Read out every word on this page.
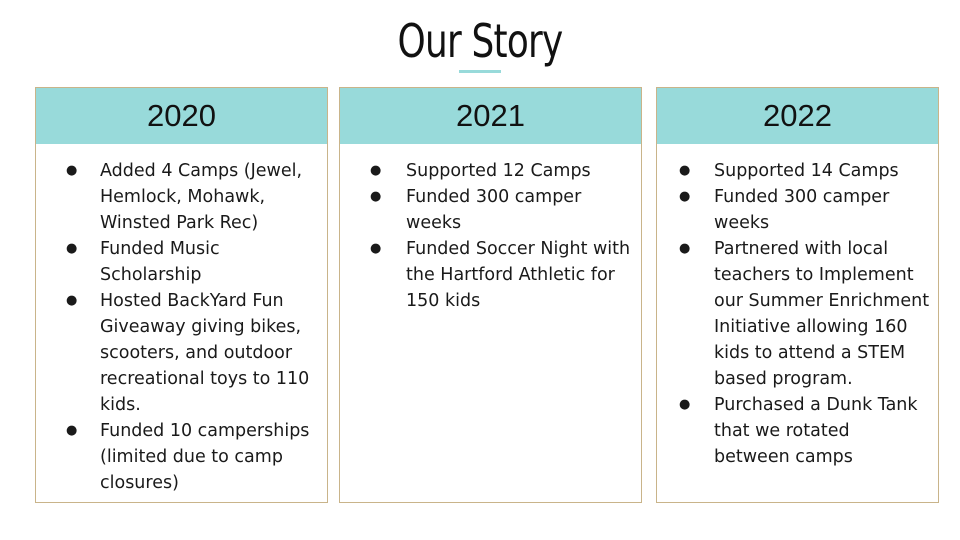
Our Story
2020
● Added 4 Camps (Jewel, Hemlock, Mohawk, Winsted Park Rec)
● Funded Music Scholarship
● Hosted BackYard Fun Giveaway giving bikes, scooters, and outdoor recreational toys to 110 kids.
● Funded 10 camperships (limited due to camp closures)
2021
● Supported 12 Camps
● Funded 300 camper weeks
● Funded Soccer Night with the Hartford Athletic for 150 kids
2022
● Supported 14 Camps
● Funded 300 camper weeks
● Partnered with local teachers to Implement our Summer Enrichment Initiative allowing 160 kids to attend a STEM based program.
● Purchased a Dunk Tank that we rotated between camps
